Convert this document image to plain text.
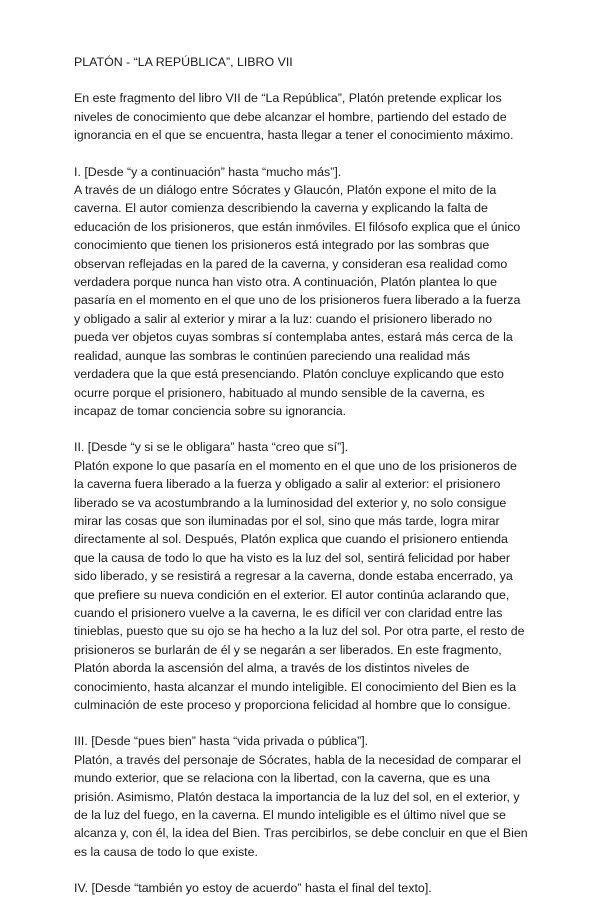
PLATÓN - “LA REPÚBLICA”, LIBRO VII

En este fragmento del libro VII de “La República”, Platón pretende explicar los niveles de conocimiento que debe alcanzar el hombre, partiendo del estado de ignorancia en el que se encuentra, hasta llegar a tener el conocimiento máximo.

I. [Desde “y a continuación” hasta “mucho más”].

A través de un diálogo entre Sócrates y Glaucón, Platón expone el mito de la caverna. El autor comienza describiendo la caverna y explicando la falta de educación de los prisioneros, que están inmóviles. El filósofo explica que el único conocimiento que tienen los prisioneros está integrado por las sombras que observan reflejadas en la pared de la caverna, y consideran esa realidad como verdadera porque nunca han visto otra. A continuación, Platón plantea lo que pasaría en el momento en el que uno de los prisioneros fuera liberado a la fuerza y obligado a salir al exterior y mirar a la luz: cuando el prisionero liberado no pueda ver objetos cuyas sombras sí contemplaba antes, estará más cerca de la realidad, aunque las sombras le continúen pareciendo una realidad más verdadera que la que está presenciando. Platón concluye explicando que esto ocurre porque el prisionero, habituado al mundo sensible de la caverna, es incapaz de tomar conciencia sobre su ignorancia.

II. [Desde “y si se le obligara” hasta “creo que sí”].

Platón expone lo que pasaría en el momento en el que uno de los prisioneros de la caverna fuera liberado a la fuerza y obligado a salir al exterior: el prisionero liberado se va acostumbrando a la luminosidad del exterior y, no solo consigue mirar las cosas que son iluminadas por el sol, sino que más tarde, logra mirar directamente al sol. Después, Platón explica que cuando el prisionero entienda que la causa de todo lo que ha visto es la luz del sol, sentirá felicidad por haber sido liberado, y se resistirá a regresar a la caverna, donde estaba encerrado, ya que prefiere su nueva condición en el exterior. El autor continúa aclarando que, cuando el prisionero vuelve a la caverna, le es difícil ver con claridad entre las tinieblas, puesto que su ojo se ha hecho a la luz del sol. Por otra parte, el resto de prisioneros se burlarán de él y se negarán a ser liberados. En este fragmento, Platón aborda la ascensión del alma, a través de los distintos niveles de conocimiento, hasta alcanzar el mundo inteligible. El conocimiento del Bien es la culminación de este proceso y proporciona felicidad al hombre que lo consigue.

III. [Desde “pues bien” hasta “vida privada o pública”].

Platón, a través del personaje de Sócrates, habla de la necesidad de comparar el mundo exterior, que se relaciona con la libertad, con la caverna, que es una prisión. Asimismo, Platón destaca la importancia de la luz del sol, en el exterior, y de la luz del fuego, en la caverna. El mundo inteligible es el último nivel que se alcanza y, con él, la idea del Bien. Tras percibirlos, se debe concluir en que el Bien es la causa de todo lo que existe.

IV. [Desde “también yo estoy de acuerdo” hasta el final del texto].
